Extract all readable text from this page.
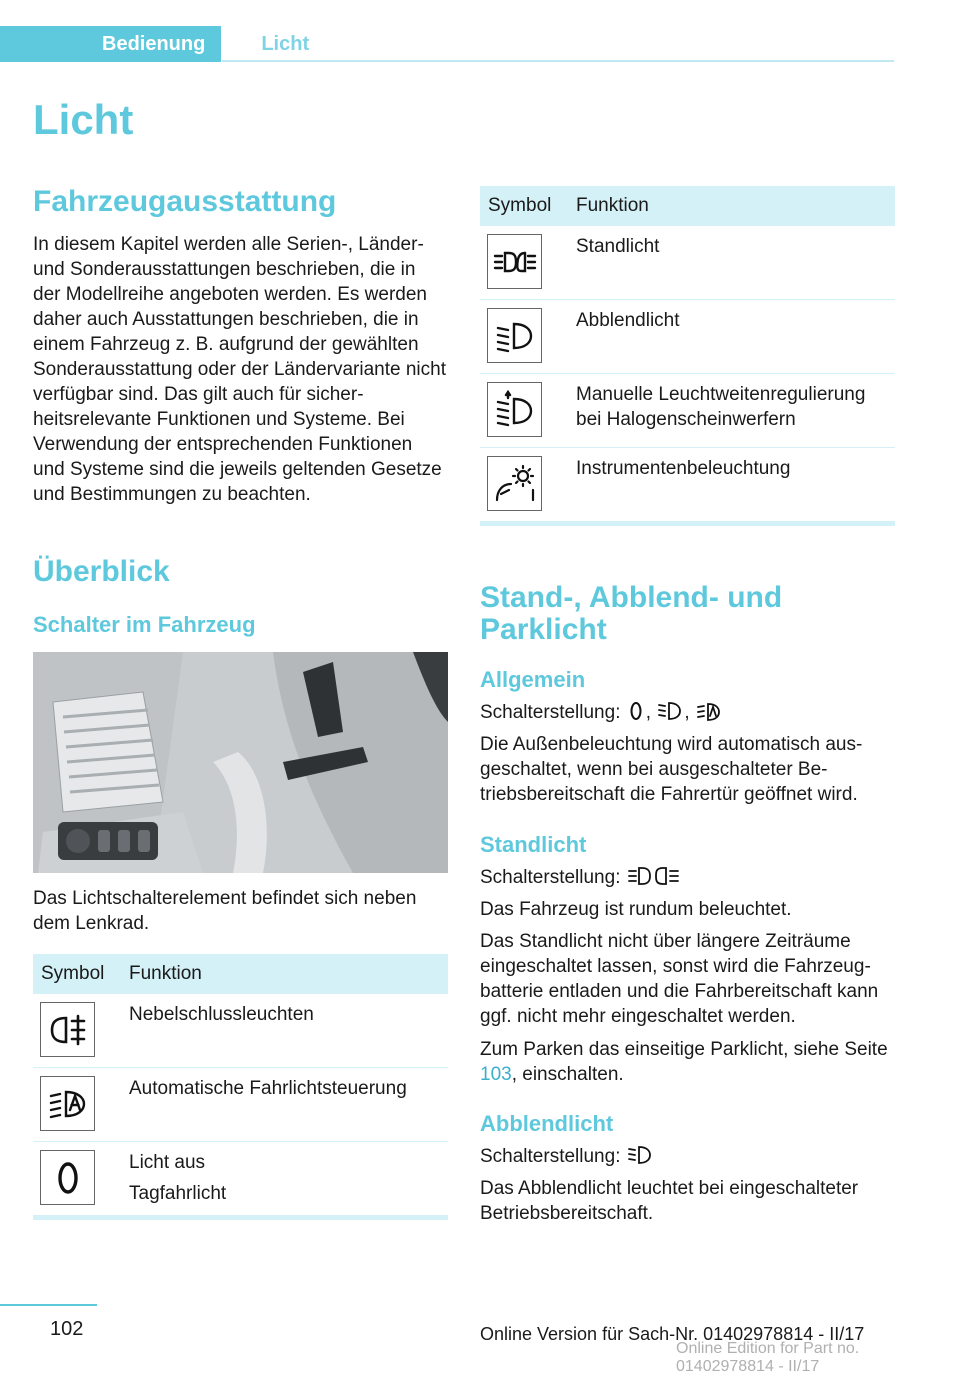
Bedienung	Licht
Licht
Fahrzeugausstattung

In diesem Kapitel werden alle Serien-, Länder- und Sonderausstattungen beschrieben, die in der Modellreihe angeboten werden. Es werden daher auch Ausstattungen beschrieben, die in einem Fahrzeug z. B. aufgrund der gewählten Sonderausstattung oder der Ländervariante nicht verfügbar sind. Das gilt auch für sicherheitsrelevante Funktionen und Systeme. Bei Verwendung der entsprechenden Funktionen und Systeme sind die jeweils geltenden Gesetze und Bestimmungen zu beachten.

Überblick
Schalter im Fahrzeug

Das Lichtschalterelement befindet sich neben dem Lenkrad.

Symbol	Funktion

Nebelschlussleuchten

Automatische Fahrlichtsteuerung

Licht aus
Tagfahrlicht
Symbol	Funktion

Standlicht

Abblendlicht

Manuelle Leuchtweitenregulierung bei Halogenscheinwerfern

Instrumentenbeleuchtung
Stand-, Abblend- und Parklicht
Allgemein

Schalterstellung: , ,

Die Außenbeleuchtung wird automatisch ausgeschaltet, wenn bei ausgeschalteter Betriebsbereitschaft die Fahrertür geöffnet wird.

Standlicht

Schalterstellung:

Das Fahrzeug ist rundum beleuchtet.

Das Standlicht nicht über längere Zeiträume eingeschaltet lassen, sonst wird die Fahrzeugbatterie entladen und die Fahrbereitschaft kann ggf. nicht mehr eingeschaltet werden.

Zum Parken das einseitige Parklicht, siehe Seite 103, einschalten.

Abblendlicht

Schalterstellung:

Das Abblendlicht leuchtet bei eingeschalteter Betriebsbereitschaft.

102	Online Version für Sach-Nr. 01402978814 - II/17
Online Edition for Part no. 01402978814 - II/17
